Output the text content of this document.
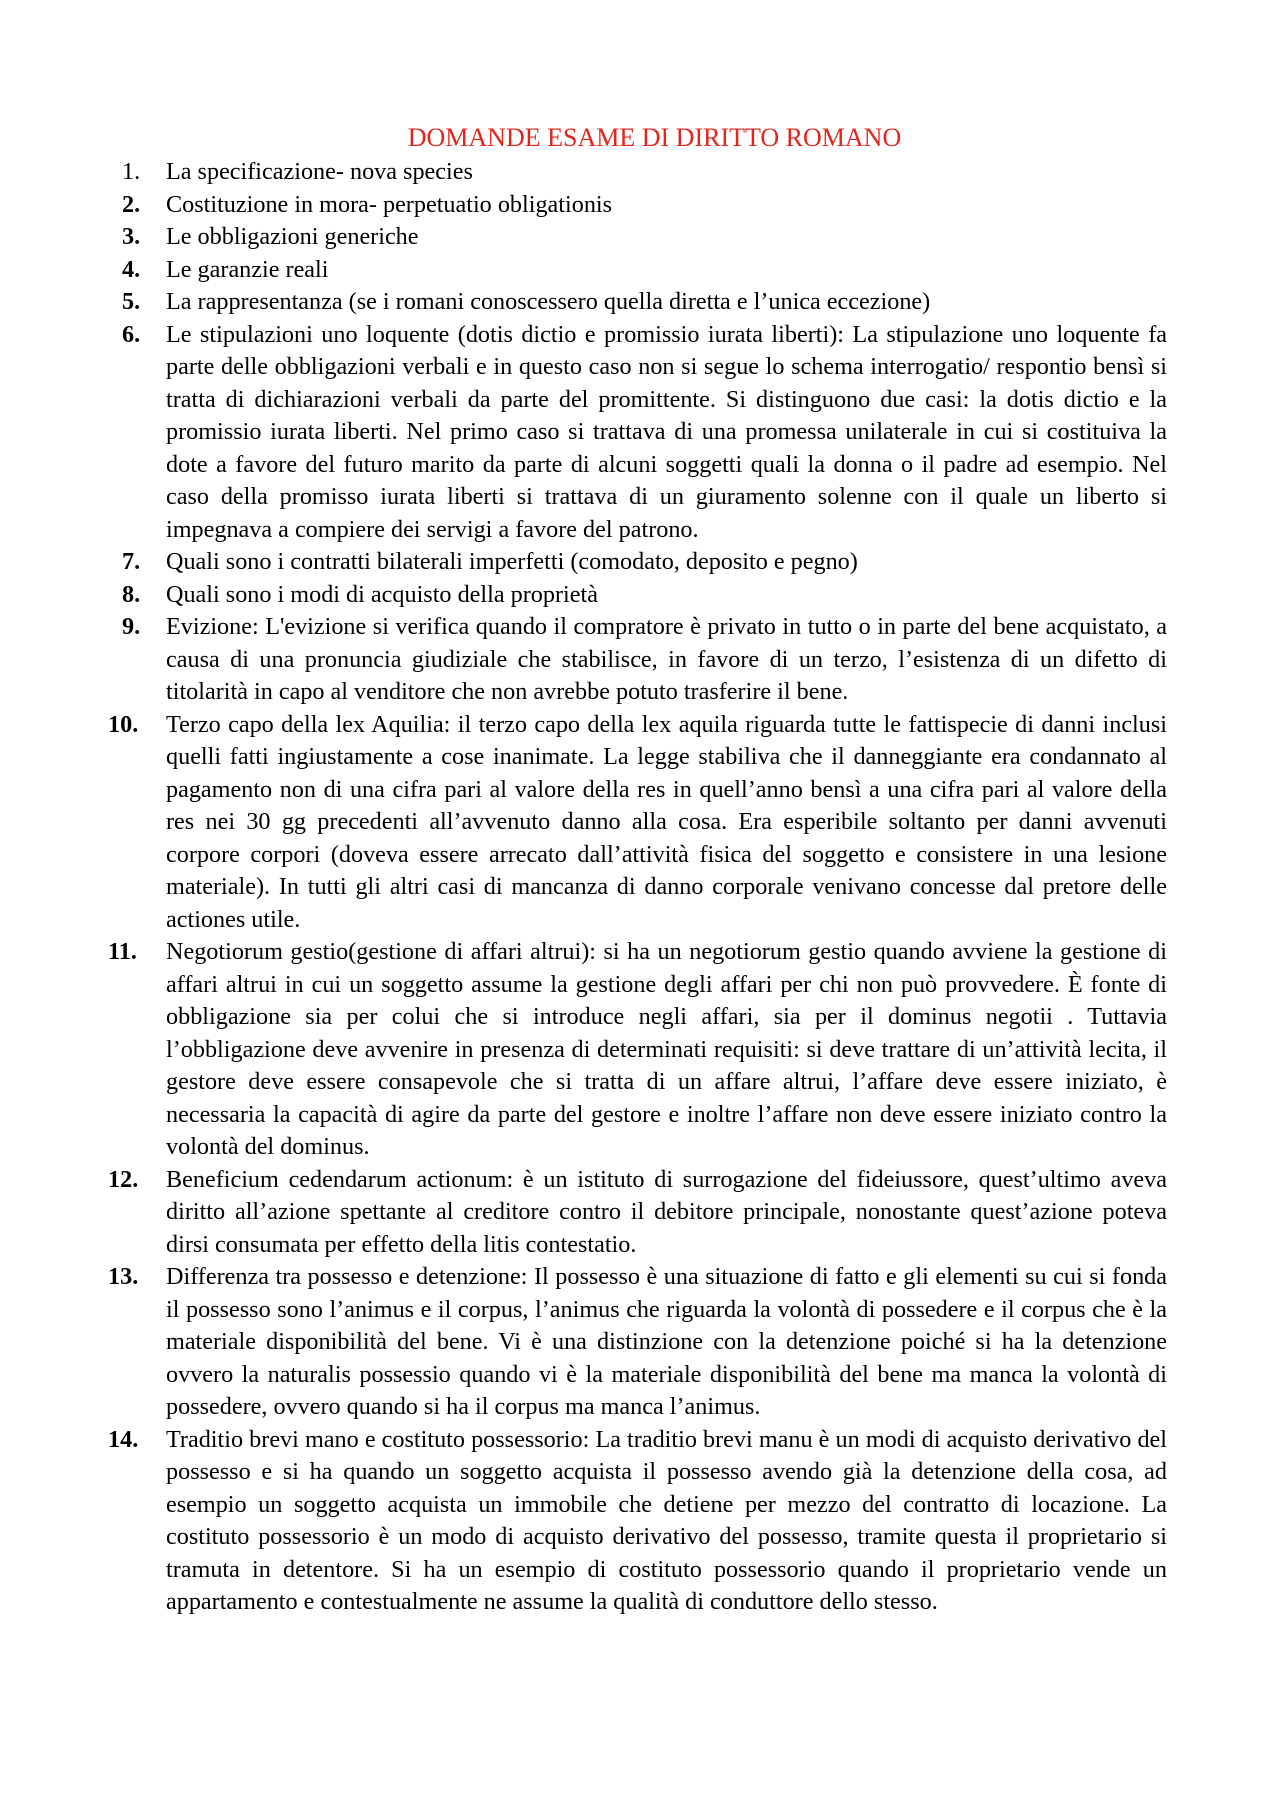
DOMANDE ESAME DI DIRITTO ROMANO
1.	La specificazione- nova species
2.	Costituzione in mora- perpetuatio obligationis
3.	Le obbligazioni generiche
4.	Le garanzie reali
5.	La rappresentanza (se i romani conoscessero quella diretta e l’unica eccezione)
6.	Le stipulazioni uno loquente (dotis dictio e promissio iurata liberti): La stipulazione uno loquente fa parte delle obbligazioni verbali e in questo caso non si segue lo schema interrogatio/ respontio bensì si tratta di dichiarazioni verbali da parte del promittente. Si distinguono due casi: la dotis dictio e la promissio iurata liberti. Nel primo caso si trattava di una promessa unilaterale in cui si costituiva la dote a favore del futuro marito da parte di alcuni soggetti quali la donna o il padre ad esempio. Nel caso della promisso iurata liberti si trattava di un giuramento solenne con il quale un liberto si impegnava a compiere dei servigi a favore del patrono.
7.	Quali sono i contratti bilaterali imperfetti (comodato, deposito e pegno)
8.	Quali sono i modi di acquisto della proprietà
9.	Evizione: L'evizione si verifica quando il compratore è privato in tutto o in parte del bene acquistato, a causa di una pronuncia giudiziale che stabilisce, in favore di un terzo, l’esistenza di un difetto di titolarità in capo al venditore che non avrebbe potuto trasferire il bene.
10.	Terzo capo della lex Aquilia: il terzo capo della lex aquila riguarda tutte le fattispecie di danni inclusi quelli fatti ingiustamente a cose inanimate. La legge stabiliva che il danneggiante era condannato al pagamento non di una cifra pari al valore della res in quell’anno bensì a una cifra pari al valore della res nei 30 gg precedenti all’avvenuto danno alla cosa. Era esperibile soltanto per danni avvenuti corpore corpori (doveva essere arrecato dall’attività fisica del soggetto e consistere in una lesione materiale). In tutti gli altri casi di mancanza di danno corporale venivano concesse dal pretore delle actiones utile.
11.	Negotiorum gestio(gestione di affari altrui): si ha un negotiorum gestio quando avviene la gestione di affari altrui in cui un soggetto assume la gestione degli affari per chi non può provvedere. È fonte di obbligazione sia per colui che si introduce negli affari, sia per il dominus negotii . Tuttavia l’obbligazione deve avvenire in presenza di determinati requisiti: si deve trattare di un’attività lecita, il gestore deve essere consapevole che si tratta di un affare altrui, l’affare deve essere iniziato, è necessaria la capacità di agire da parte del gestore e inoltre l’affare non deve essere iniziato contro la volontà del dominus.
12.	Beneficium cedendarum actionum: è un istituto di surrogazione del fideiussore, quest’ultimo aveva diritto all’azione spettante al creditore contro il debitore principale, nonostante quest’azione poteva dirsi consumata per effetto della litis contestatio.
13.	Differenza tra possesso e detenzione: Il possesso è una situazione di fatto e gli elementi su cui si fonda il possesso sono l’animus e il corpus, l’animus che riguarda la volontà di possedere e il corpus che è la materiale disponibilità del bene. Vi è una distinzione con la detenzione poiché si ha la detenzione ovvero la naturalis possessio quando vi è la materiale disponibilità del bene ma manca la volontà di possedere, ovvero quando si ha il corpus ma manca l’animus.
14.	Traditio brevi mano e costituto possessorio: La traditio brevi manu è un modi di acquisto derivativo del possesso e si ha quando un soggetto acquista il possesso avendo già la detenzione della cosa, ad esempio un soggetto acquista un immobile che detiene per mezzo del contratto di locazione. La costituto possessorio è un modo di acquisto derivativo del possesso, tramite questa il proprietario si tramuta in detentore. Si ha un esempio di costituto possessorio quando il proprietario vende un appartamento e contestualmente ne assume la qualità di conduttore dello stesso.
